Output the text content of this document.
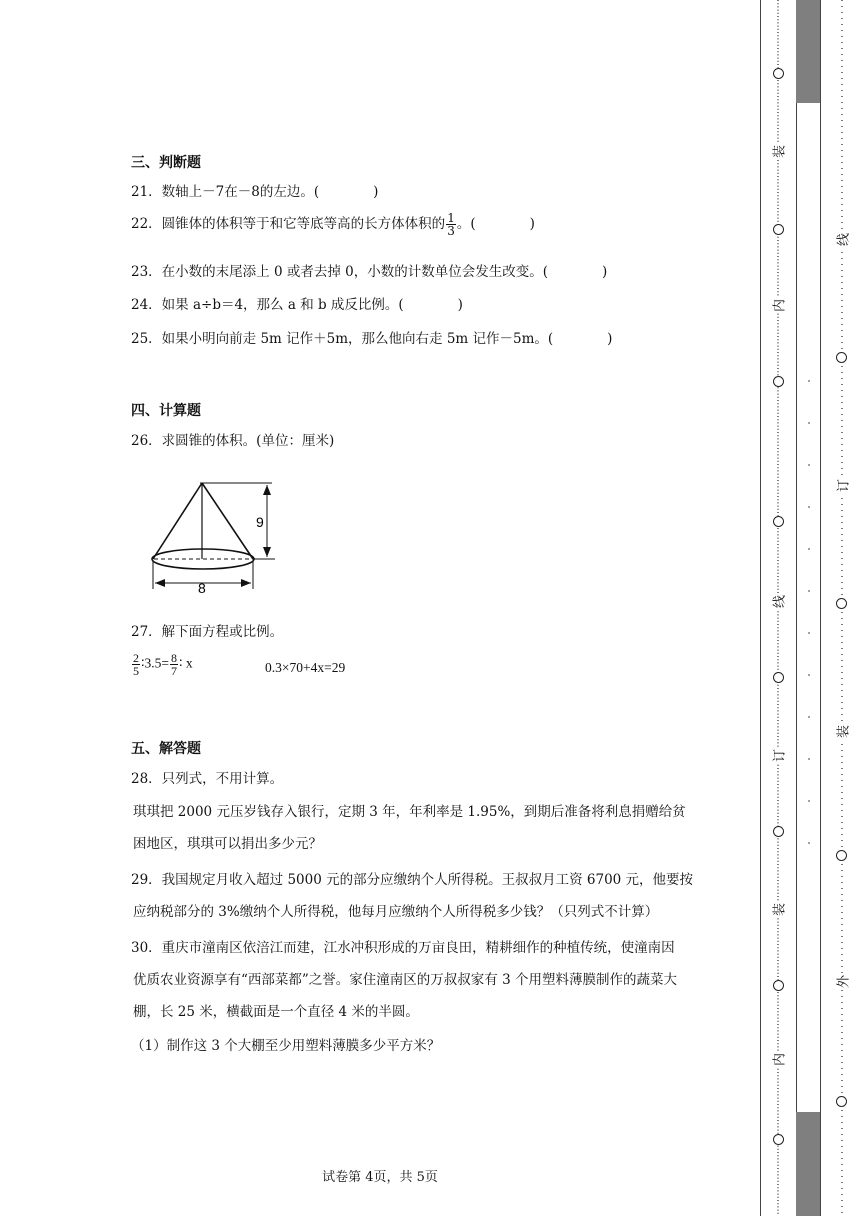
三、判断题
21．数轴上－7在－8的左边。(　　　　)
22．圆锥体的体积等于和它等底等高的长方体体积的 $\frac{1}{3}$ 。(　　　　)
23．在小数的末尾添上 0 或者去掉 0，小数的计数单位会发生改变。(　　　　)
24．如果 a÷b＝4，那么 a 和 b 成反比例。(　　　　)
25．如果小明向前走 5m 记作＋5m，那么他向右走 5m 记作－5m。(　　　　)
四、计算题
26．求圆锥的体积。(单位：厘米)
9
8
27．解下面方程或比例。
$\frac{2}{5}$ ∶3.5= $\frac{8}{7}$ ∶ x	0.3×70+4x=29
五、解答题
28．只列式，不用计算。
琪琪把 2000 元压岁钱存入银行，定期 3 年，年利率是 1.95%，到期后准备将利息捐赠给贫
困地区，琪琪可以捐出多少元？
29．我国规定月收入超过 5000 元的部分应缴纳个人所得税。王叔叔月工资 6700 元，他要按
应纳税部分的 3%缴纳个人所得税，他每月应缴纳个人所得税多少钱？（只列式不计算）
30．重庆市潼南区依涪江而建，江水冲积形成的万亩良田，精耕细作的种植传统，使潼南因
优质农业资源享有“西部菜都”之誉。家住潼南区的万叔叔家有 3 个用塑料薄膜制作的蔬菜大
棚，长 25 米，横截面是一个直径 4 米的半圆。
（1）制作这 3 个大棚至少用塑料薄膜多少平方米？
试卷第 4页，共 5页
装
内
线
订
装
内
线
订
装
外
